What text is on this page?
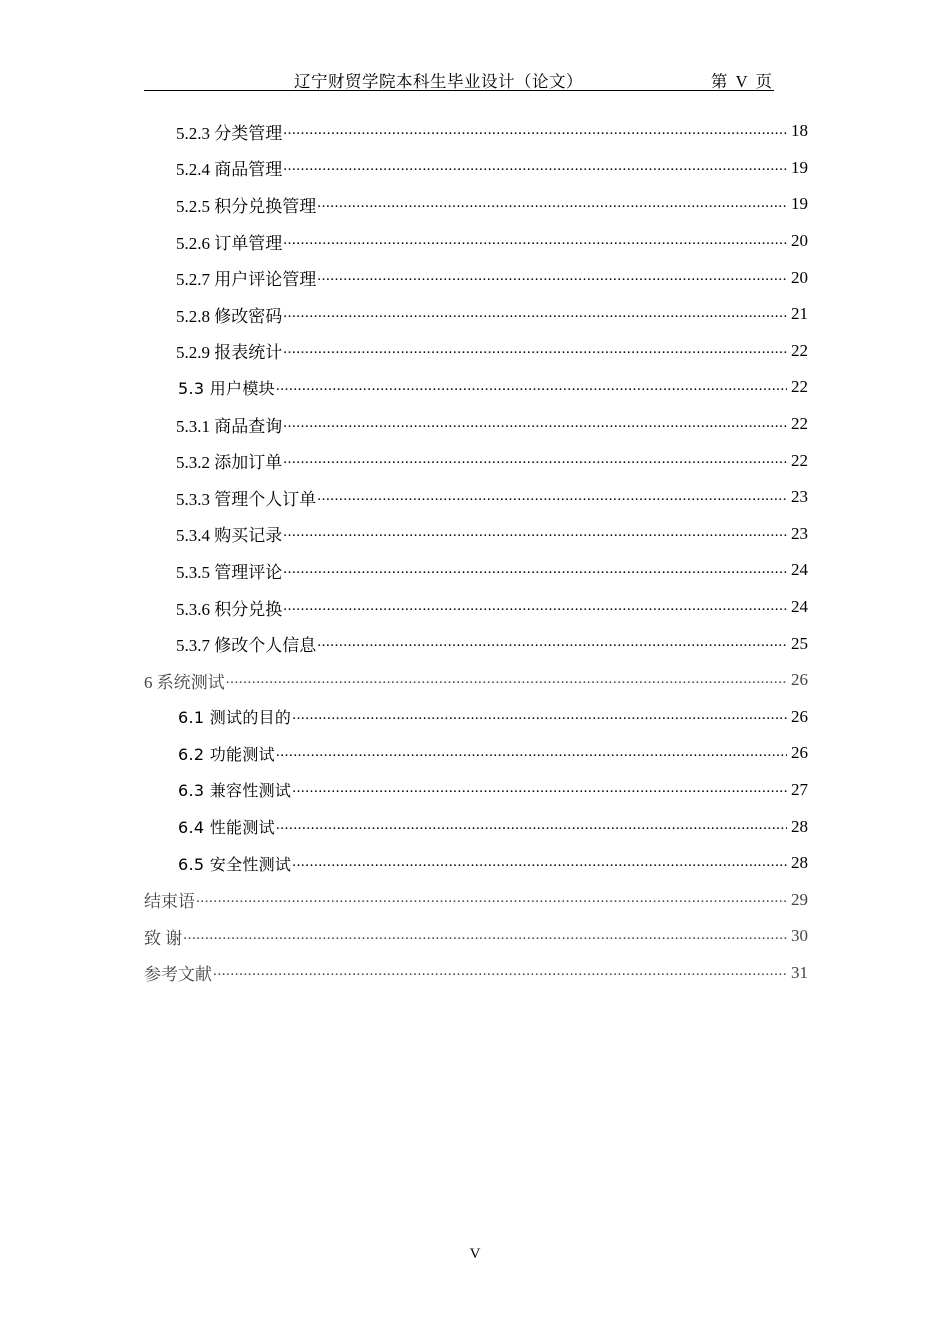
辽宁财贸学院本科生毕业设计（论文）	第  V  页
5.2.3 分类管理 .....	18
5.2.4 商品管理 .....	19
5.2.5 积分兑换管理 .....	19
5.2.6 订单管理 .....	20
5.2.7 用户评论管理 .....	20
5.2.8 修改密码 .....	21
5.2.9 报表统计 .....	22
5.3 用户模块 .....	22
5.3.1 商品查询 .....	22
5.3.2 添加订单 .....	22
5.3.3 管理个人订单 .....	23
5.3.4 购买记录 .....	23
5.3.5 管理评论 .....	24
5.3.6 积分兑换 .....	24
5.3.7 修改个人信息 .....	25
6 系统测试 .....	26
6.1 测试的目的 .....	26
6.2 功能测试 .....	26
6.3 兼容性测试 .....	27
6.4 性能测试 .....	28
6.5 安全性测试 .....	28
结束语 .....	29
致 谢 .....	30
参考文献 .....	31
V
